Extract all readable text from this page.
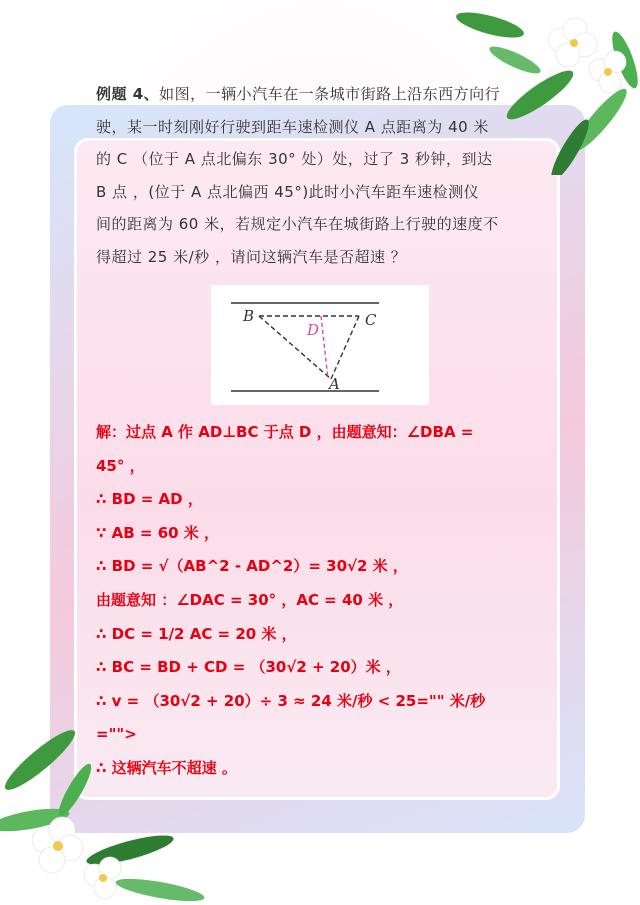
例题 4、如图，一辆小汽车在一条城市街路上沿东西方向行

驶，某一时刻刚好行驶到距车速检测仪 A 点距离为 40 米

的 C （位于 A 点北偏东 30° 处）处，过了 3 秒钟，到达

B 点 ，(位于 A 点北偏西 45°)此时小汽车距车速检测仪

间的距离为 60 米，若规定小汽车在城街路上行驶的速度不

得超过 25 米/秒 ，请问这辆汽车是否超速 ？

B	C
D
A
解：过点 A 作 AD⊥BC 于点 D ，由题意知：∠DBA =
45° ，
∴ BD = AD ，
∵ AB = 60 米 ，
∴ BD = √（AB^2 - AD^2）= 30√2 米 ，
由题意知 ：∠DAC = 30° ，AC = 40 米 ，
∴ DC = 1/2 AC = 20 米 ，
∴ BC = BD + CD = （30√2 + 20）米 ，
∴ v = （30√2 + 20）÷ 3 ≈ 24 米/秒 < 25="" 米/秒
="">
∴ 这辆汽车不超速 。
